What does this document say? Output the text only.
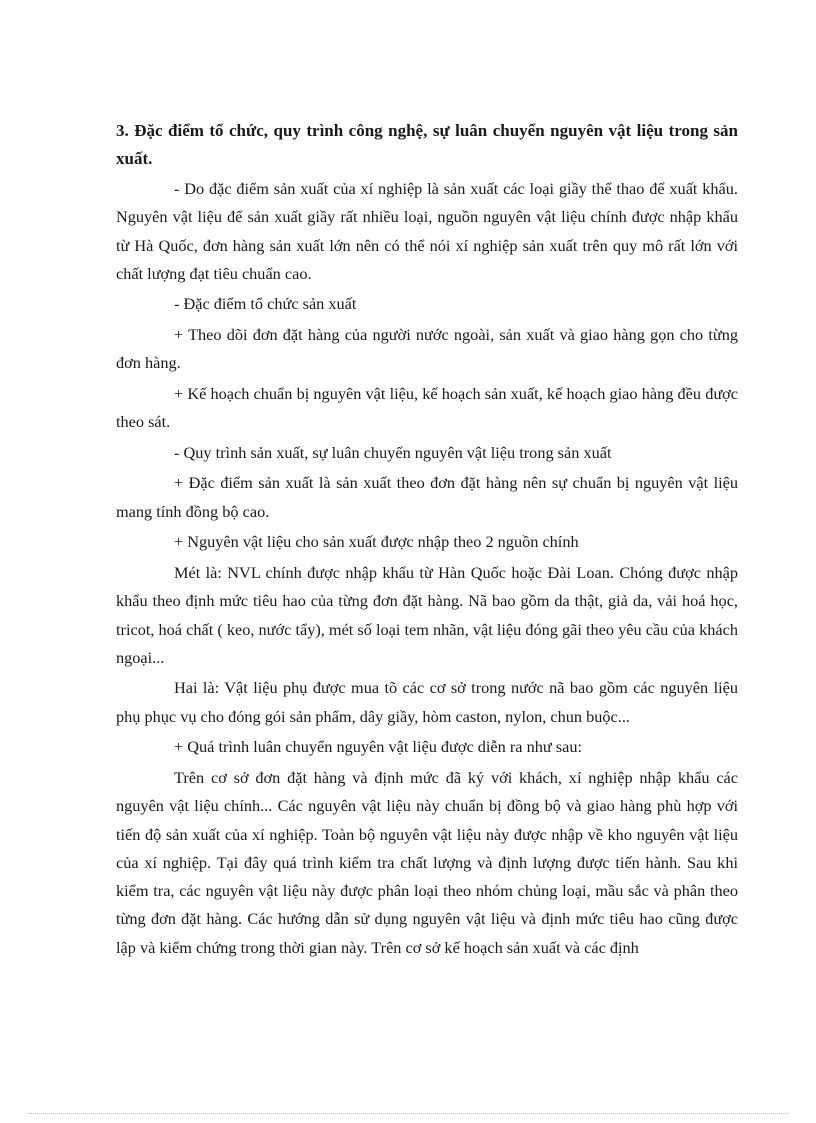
3. Đặc điểm tổ chức, quy trình công nghệ, sự luân chuyển nguyên vật liệu trong sản xuất.

- Do đặc điểm sản xuất của xí nghiệp là sản xuất các loại giầy thể thao để xuất khẩu. Nguyên vật liệu để sản xuất giầy rất nhiều loại, nguồn nguyên vật liệu chính được nhập khẩu từ Hà Quốc, đơn hàng sản xuất lớn nên có thể nói xí nghiệp sản xuất trên quy mô rất lớn với chất lượng đạt tiêu chuẩn cao.

- Đặc điểm tổ chức sản xuất

+ Theo dõi đơn đặt hàng của người nước ngoài, sản xuất và giao hàng gọn cho từng đơn hàng.

+ Kế hoạch chuẩn bị nguyên vật liệu, kế hoạch sản xuất, kế hoạch giao hàng đều được theo sát.

- Quy trình sản xuất, sự luân chuyển nguyên vật liệu trong sản xuất

+ Đặc điểm sản xuất là sản xuất theo đơn đặt hàng nên sự chuẩn bị nguyên vật liệu mang tính đồng bộ cao.

+ Nguyên vật liệu cho sản xuất được nhập theo 2 nguồn chính

Mét là: NVL chính được nhập khẩu từ Hàn Quốc hoặc Đài Loan. Chóng được nhập khẩu theo định mức tiêu hao của từng đơn đặt hàng. Nã bao gồm da thật, giả da, vải hoá học, tricot, hoá chất ( keo, nước tẩy), mét số loại tem nhãn, vật liệu đóng gãi theo yêu cầu của khách ngoại...

Hai là: Vật liệu phụ được mua tõ các cơ sở trong nước nã bao gồm các nguyên liệu phụ phục vụ cho đóng gói sản phẩm, dây giầy, hòm caston, nylon, chun buộc...

+ Quá trình luân chuyển nguyên vật liệu được diễn ra như sau:

Trên cơ sở đơn đặt hàng và định mức đã ký với khách, xí nghiệp nhập khẩu các nguyên vật liệu chính... Các nguyên vật liệu này chuẩn bị đồng bộ và giao hàng phù hợp với tiến độ sản xuất của xí nghiệp. Toàn bộ nguyên vật liệu này được nhập về kho nguyên vật liệu của xí nghiệp. Tại đây quá trình kiểm tra chất lượng và định lượng được tiến hành. Sau khi kiểm tra, các nguyên vật liệu này được phân loại theo nhóm chủng loại, mầu sắc và phân theo từng đơn đặt hàng. Các hướng dẫn sử dụng nguyên vật liệu và định mức tiêu hao cũng được lập và kiểm chứng trong thời gian này. Trên cơ sở kế hoạch sản xuất và các định
